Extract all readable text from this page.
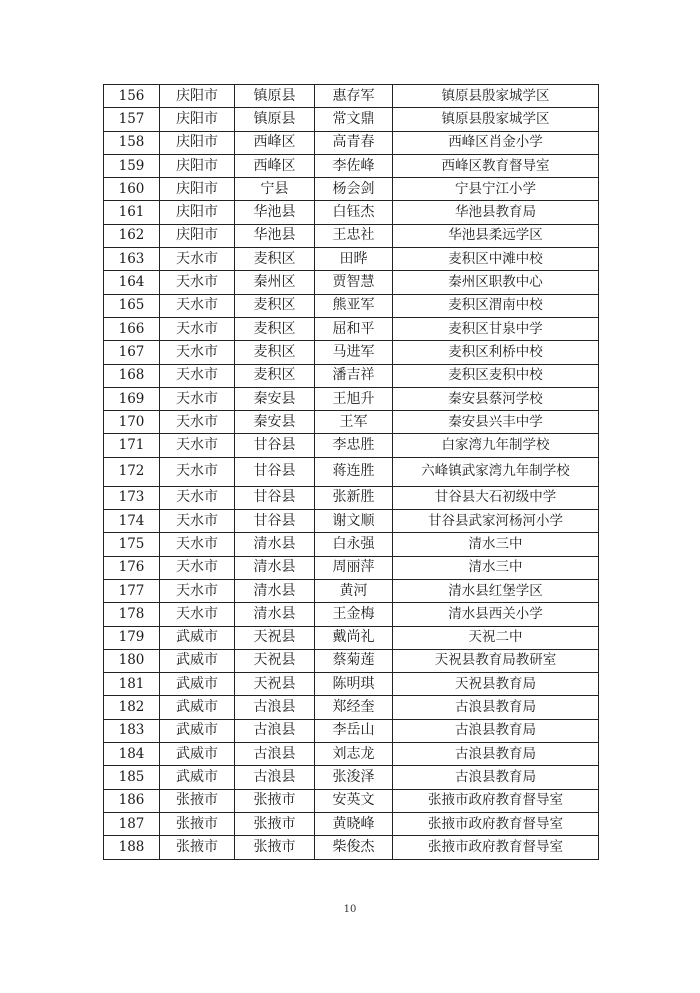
156	庆阳市	镇原县	惠存军	镇原县殷家城学区
157	庆阳市	镇原县	常文鼎	镇原县殷家城学区
158	庆阳市	西峰区	高青春	西峰区肖金小学
159	庆阳市	西峰区	李佐峰	西峰区教育督导室
160	庆阳市	宁县	杨会剑	宁县宁江小学
161	庆阳市	华池县	白钰杰	华池县教育局
162	庆阳市	华池县	王忠社	华池县柔远学区
163	天水市	麦积区	田晔	麦积区中滩中校
164	天水市	秦州区	贾智慧	秦州区职教中心
165	天水市	麦积区	熊亚军	麦积区渭南中校
166	天水市	麦积区	屈和平	麦积区甘泉中学
167	天水市	麦积区	马进军	麦积区利桥中校
168	天水市	麦积区	潘吉祥	麦积区麦积中校
169	天水市	秦安县	王旭升	秦安县蔡河学校
170	天水市	秦安县	王军	秦安县兴丰中学
171	天水市	甘谷县	李忠胜	白家湾九年制学校
172	天水市	甘谷县	蒋连胜	六峰镇武家湾九年制学校
173	天水市	甘谷县	张新胜	甘谷县大石初级中学
174	天水市	甘谷县	谢文顺	甘谷县武家河杨河小学
175	天水市	清水县	白永强	清水三中
176	天水市	清水县	周丽萍	清水三中
177	天水市	清水县	黄河	清水县红堡学区
178	天水市	清水县	王金梅	清水县西关小学
179	武威市	天祝县	戴尚礼	天祝二中
180	武威市	天祝县	蔡菊莲	天祝县教育局教研室
181	武威市	天祝县	陈明琪	天祝县教育局
182	武威市	古浪县	郑经奎	古浪县教育局
183	武威市	古浪县	李岳山	古浪县教育局
184	武威市	古浪县	刘志龙	古浪县教育局
185	武威市	古浪县	张浚泽	古浪县教育局
186	张掖市	张掖市	安英文	张掖市政府教育督导室
187	张掖市	张掖市	黄晓峰	张掖市政府教育督导室
188	张掖市	张掖市	柴俊杰	张掖市政府教育督导室
10
